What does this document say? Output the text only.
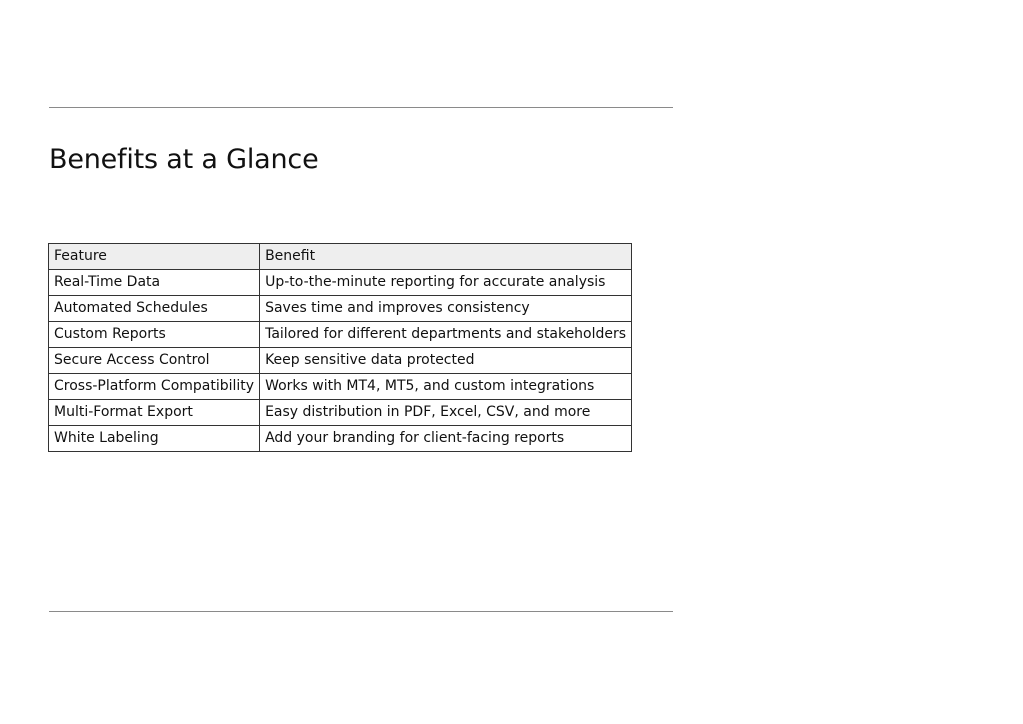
Benefits at a Glance
Feature	Benefit
Real-Time Data	Up-to-the-minute reporting for accurate analysis
Automated Schedules	Saves time and improves consistency
Custom Reports	Tailored for different departments and stakeholders
Secure Access Control	Keep sensitive data protected
Cross-Platform Compatibility	Works with MT4, MT5, and custom integrations
Multi-Format Export	Easy distribution in PDF, Excel, CSV, and more
White Labeling	Add your branding for client-facing reports
